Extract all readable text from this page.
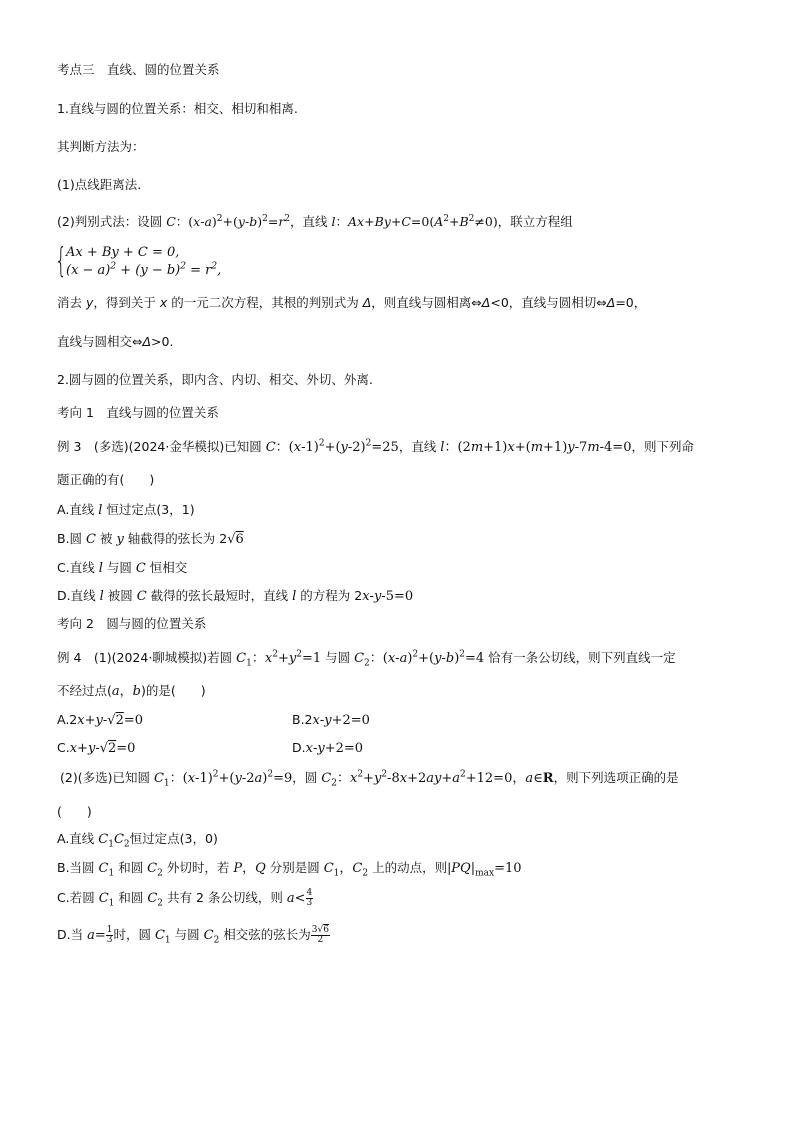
考点三　直线、圆的位置关系
1.直线与圆的位置关系：相交、相切和相离.
其判断方法为：
(1)点线距离法.
(2)判别式法：设圆 C：$(x-a)^2+(y-b)^2=r^2$，直线 l：$Ax+By+C=0(A^2+B^2\ne 0)$，联立方程组
{ Ax + By + C = 0,
$(x - a)^2 + (y - b)^2 = r^2$,
消去 y，得到关于 x 的一元二次方程，其根的判别式为 Δ，则直线与圆相离⇔Δ<0，直线与圆相切⇔Δ=0，
直线与圆相交⇔Δ>0.
2.圆与圆的位置关系，即内含、内切、相交、外切、外离.
考向 1　直线与圆的位置关系
例 3　(多选)(2024·金华模拟)已知圆 C：$(x-1)^2+(y-2)^2=25$，直线 l：(2m+1)x+(m+1)y-7m-4=0，则下列命
题正确的有(　　)
A.直线 l 恒过定点(3，1)
B.圆 C 被 y 轴截得的弦长为 2√6
C.直线 l 与圆 C 恒相交
D.直线 l 被圆 C 截得的弦长最短时，直线 l 的方程为 2x-y-5=0
考向 2　圆与圆的位置关系
例 4　(1)(2024·聊城模拟)若圆 $C_1$：$x^2+y^2=1$ 与圆 $C_2$：$(x-a)^2+(y-b)^2=4$ 恰有一条公切线，则下列直线一定
不经过点(a，b)的是(　　)
A.2x+y-√2=0	B.2x-y+2=0
C.x+y-√2=0	D.x-y+2=0
(2)(多选)已知圆 $C_1$：$(x-1)^2+(y-2a)^2=9$，圆 $C_2$：$x^2+y^2-8x+2ay+a^2+12=0$，a∈R，则下列选项正确的是
(　　)
A.直线 $C_1C_2$恒过定点(3，0)
B.当圆 $C_1$ 和圆 $C_2$ 外切时，若 P，Q 分别是圆 $C_1$，$C_2$ 上的动点，则$|PQ|_{max}=10$
C.若圆 $C_1$ 和圆 $C_2$ 共有 2 条公切线，则 $a< \frac{4}{3}$
D.当 $a= \frac{1}{3}$ 时，圆 $C_1$ 与圆 $C_2$ 相交弦的弦长为 $\frac{3√6}{2}$
